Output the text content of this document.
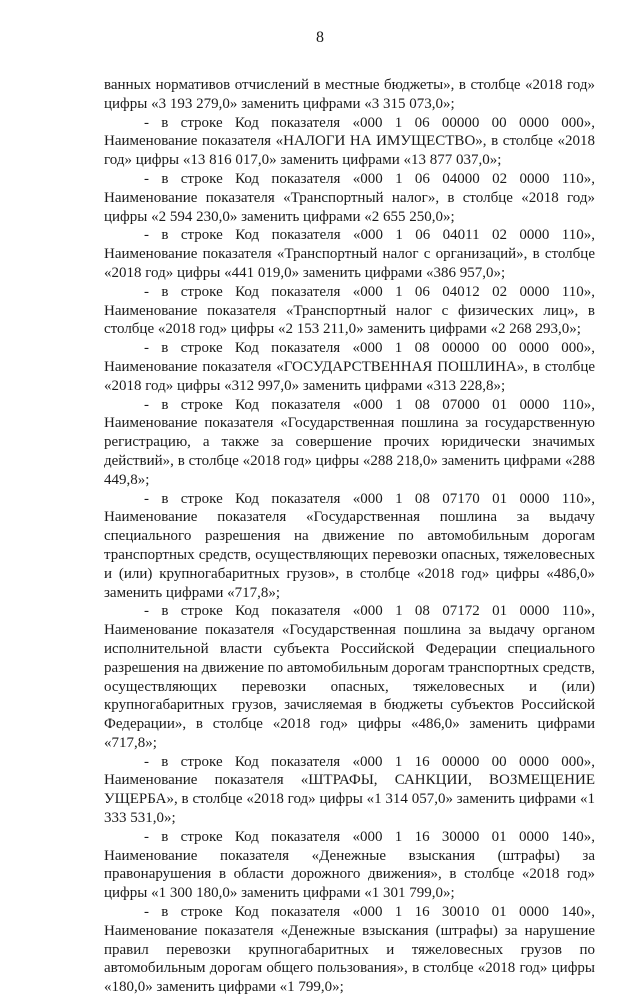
8

ванных нормативов отчислений в местные бюджеты», в столбце «2018 год» цифры «3 193 279,0» заменить цифрами «3 315 073,0»;

- в строке Код показателя «000 1 06 00000 00 0000 000», Наименование показателя «НАЛОГИ НА ИМУЩЕСТВО», в столбце «2018 год» цифры «13 816 017,0» заменить цифрами «13 877 037,0»;

- в строке Код показателя «000 1 06 04000 02 0000 110», Наименование показателя «Транспортный налог», в столбце «2018 год» цифры «2 594 230,0» заменить цифрами «2 655 250,0»;

- в строке Код показателя «000 1 06 04011 02 0000 110», Наименование показателя «Транспортный налог с организаций», в столбце «2018 год» цифры «441 019,0» заменить цифрами «386 957,0»;

- в строке Код показателя «000 1 06 04012 02 0000 110», Наименование показателя «Транспортный налог с физических лиц», в столбце «2018 год» цифры «2 153 211,0» заменить цифрами «2 268 293,0»;

- в строке Код показателя «000 1 08 00000 00 0000 000», Наименование показателя «ГОСУДАРСТВЕННАЯ ПОШЛИНА», в столбце «2018 год» цифры «312 997,0» заменить цифрами «313 228,8»;

- в строке Код показателя «000 1 08 07000 01 0000 110», Наименование показателя «Государственная пошлина за государственную регистрацию, а также за совершение прочих юридически значимых действий», в столбце «2018 год» цифры «288 218,0» заменить цифрами «288 449,8»;

- в строке Код показателя «000 1 08 07170 01 0000 110», Наименование показателя «Государственная пошлина за выдачу специального разрешения на движение по автомобильным дорогам транспортных средств, осуществляющих перевозки опасных, тяжеловесных и (или) крупногабаритных грузов», в столбце «2018 год» цифры «486,0» заменить цифрами «717,8»;

- в строке Код показателя «000 1 08 07172 01 0000 110», Наименование показателя «Государственная пошлина за выдачу органом исполнительной власти субъекта Российской Федерации специального разрешения на движение по автомобильным дорогам транспортных средств, осуществляющих перевозки опасных, тяжеловесных и (или) крупногабаритных грузов, зачисляемая в бюджеты субъектов Российской Федерации», в столбце «2018 год» цифры «486,0» заменить цифрами «717,8»;

- в строке Код показателя «000 1 16 00000 00 0000 000», Наименование показателя «ШТРАФЫ, САНКЦИИ, ВОЗМЕЩЕНИЕ УЩЕРБА», в столбце «2018 год» цифры «1 314 057,0» заменить цифрами «1 333 531,0»;

- в строке Код показателя «000 1 16 30000 01 0000 140», Наименование показателя «Денежные взыскания (штрафы) за правонарушения в области дорожного движения», в столбце «2018 год» цифры «1 300 180,0» заменить цифрами «1 301 799,0»;

- в строке Код показателя «000 1 16 30010 01 0000 140», Наименование показателя «Денежные взыскания (штрафы) за нарушение правил перевозки крупногабаритных и тяжеловесных грузов по автомобильным дорогам общего пользования», в столбце «2018 год» цифры «180,0» заменить цифрами «1 799,0»;
